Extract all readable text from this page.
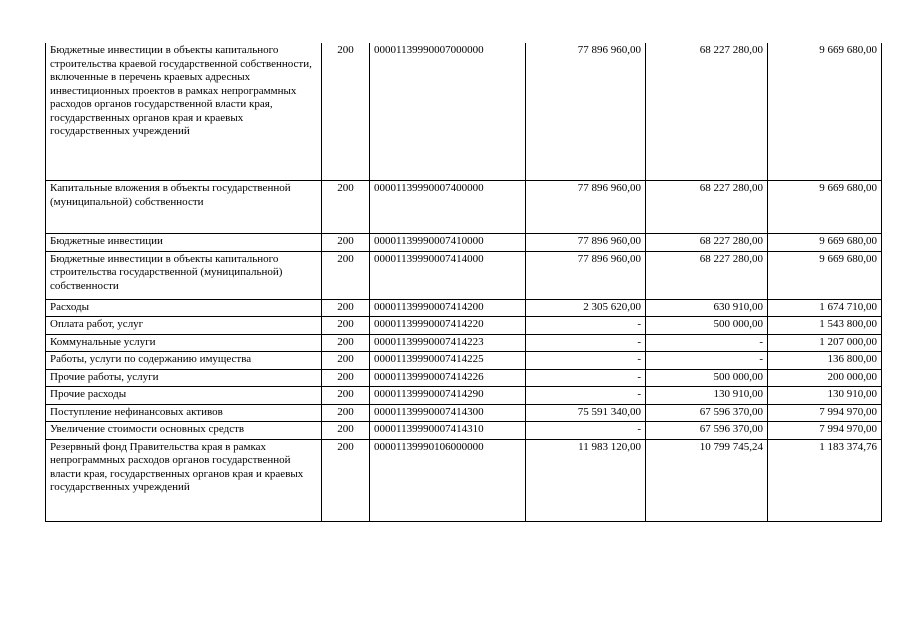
Бюджетные инвестиции в объекты капитального строительства краевой государственной собственности, включенные в перечень краевых адресных инвестиционных проектов в рамках непрограммных расходов органов государственной власти края, государственных органов края и краевых государственных учреждений	200	00001139990007000000	77 896 960,00	68 227 280,00	9 669 680,00
Капитальные вложения в объекты государственной (муниципальной) собственности	200	00001139990007400000	77 896 960,00	68 227 280,00	9 669 680,00
Бюджетные инвестиции	200	00001139990007410000	77 896 960,00	68 227 280,00	9 669 680,00
Бюджетные инвестиции в объекты капитального строительства государственной (муниципальной) собственности	200	00001139990007414000	77 896 960,00	68 227 280,00	9 669 680,00
Расходы	200	00001139990007414200	2 305 620,00	630 910,00	1 674 710,00
Оплата работ, услуг	200	00001139990007414220	-	500 000,00	1 543 800,00
Коммунальные услуги	200	00001139990007414223	-	-	1 207 000,00
Работы, услуги по содержанию имущества	200	00001139990007414225	-	-	136 800,00
Прочие работы, услуги	200	00001139990007414226	-	500 000,00	200 000,00
Прочие расходы	200	00001139990007414290	-	130 910,00	130 910,00
Поступление нефинансовых активов	200	00001139990007414300	75 591 340,00	67 596 370,00	7 994 970,00
Увеличение стоимости основных средств	200	00001139990007414310	-	67 596 370,00	7 994 970,00
Резервный фонд Правительства края в рамках непрограммных расходов органов государственной власти края, государственных органов края и краевых государственных учреждений	200	00001139990106000000	11 983 120,00	10 799 745,24	1 183 374,76
